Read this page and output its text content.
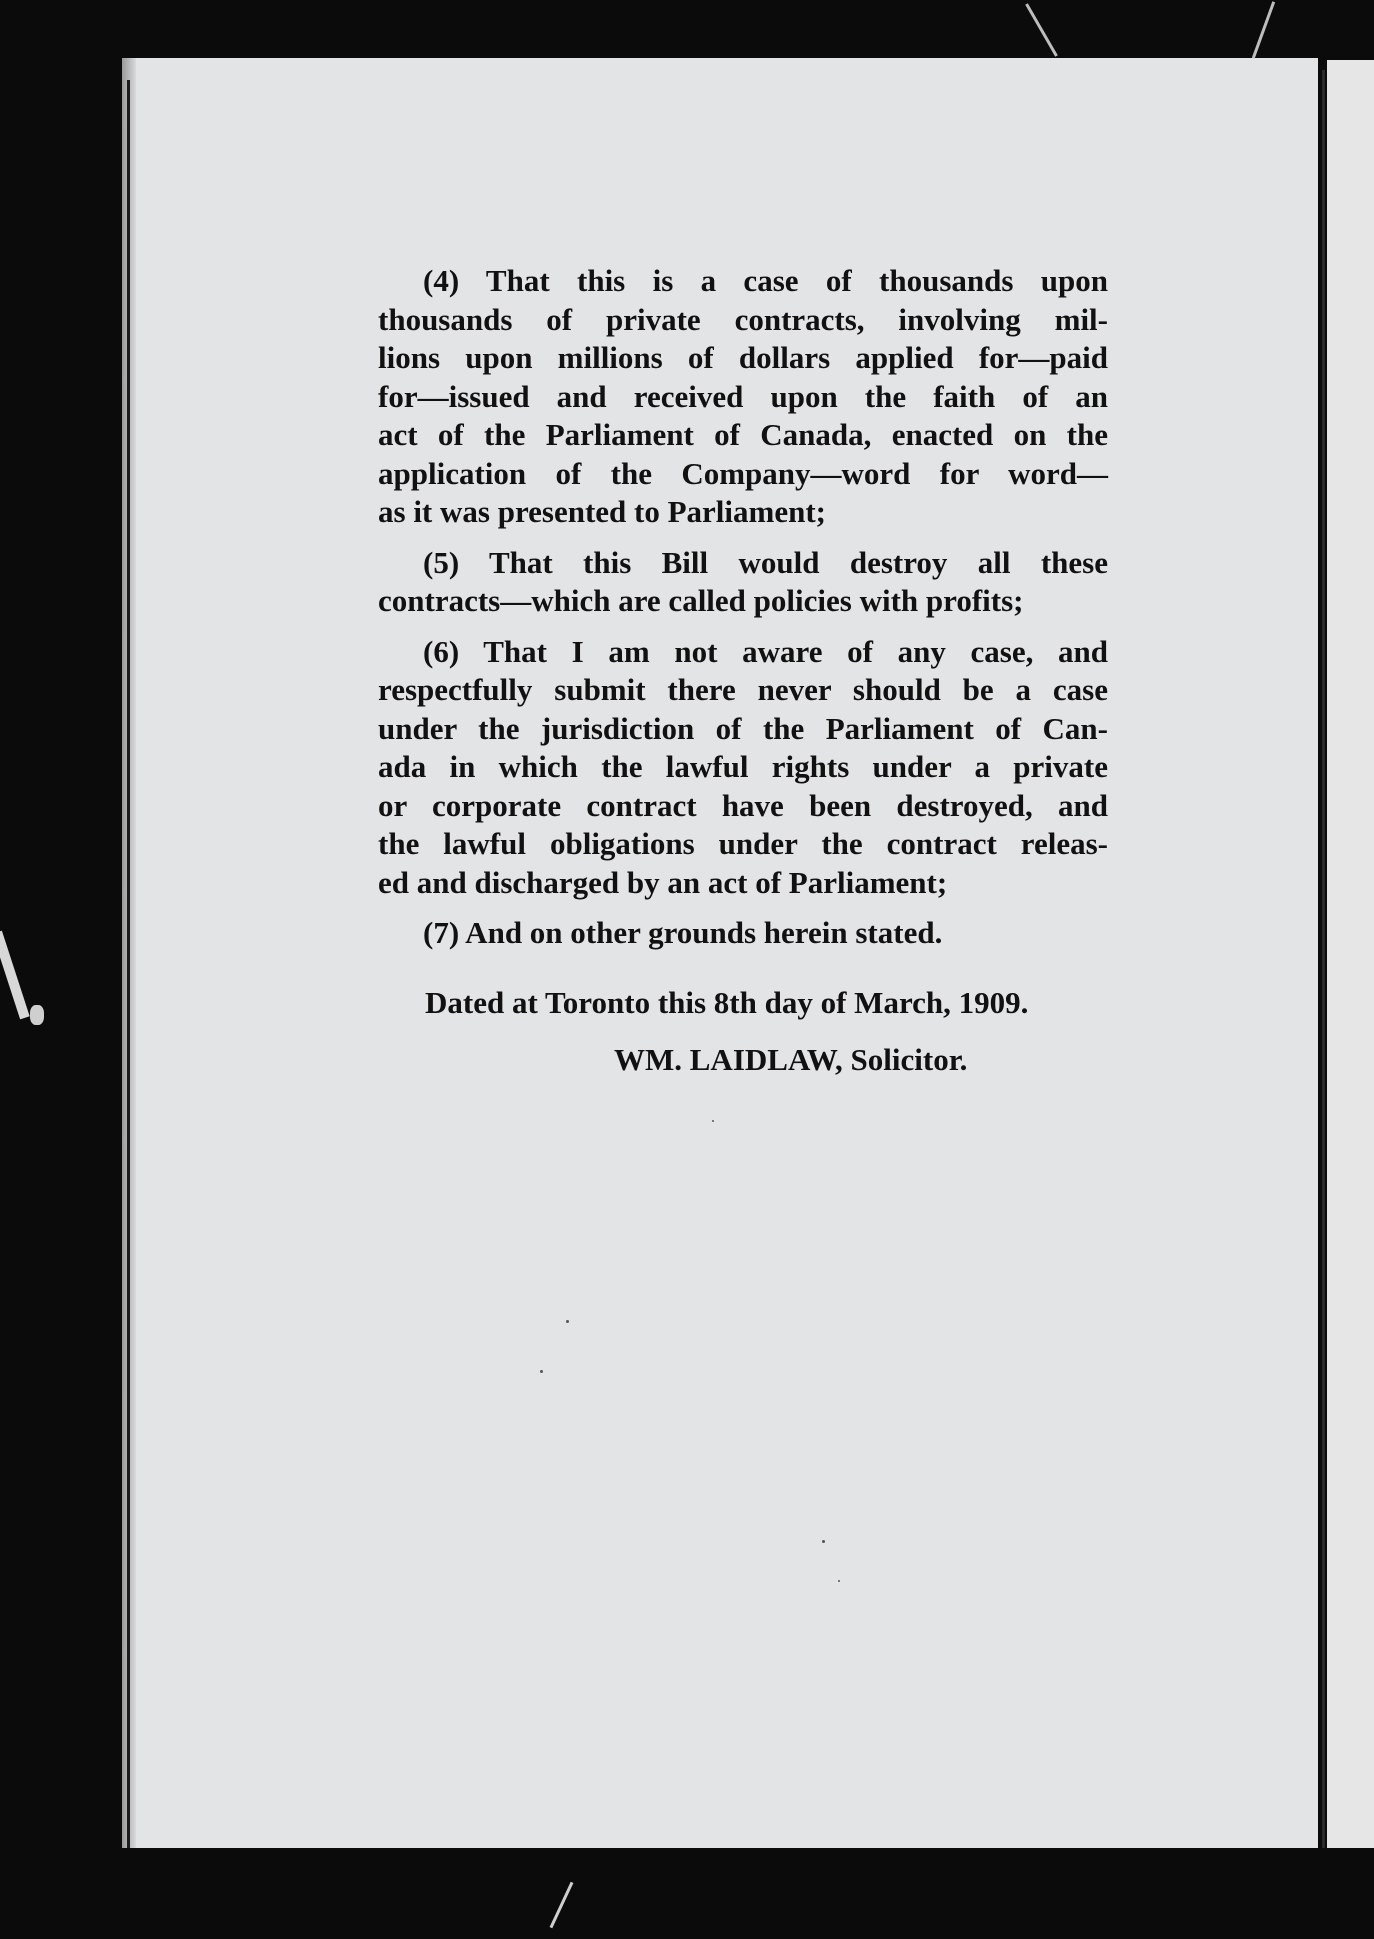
(4) That this is a case of thousands upon
thousands of private contracts, involving mil-
lions upon millions of dollars applied for—paid
for—issued and received upon the faith of an
act of the Parliament of Canada, enacted on the
application of the Company—word for word—
as it was presented to Parliament;
(5) That this Bill would destroy all these
contracts—which are called policies with profits;
(6) That I am not aware of any case, and
respectfully submit there never should be a case
under the jurisdiction of the Parliament of Can-
ada in which the lawful rights under a private
or corporate contract have been destroyed, and
the lawful obligations under the contract releas-
ed and discharged by an act of Parliament;
(7) And on other grounds herein stated.
Dated at Toronto this 8th day of March, 1909.
WM. LAIDLAW, Solicitor.
